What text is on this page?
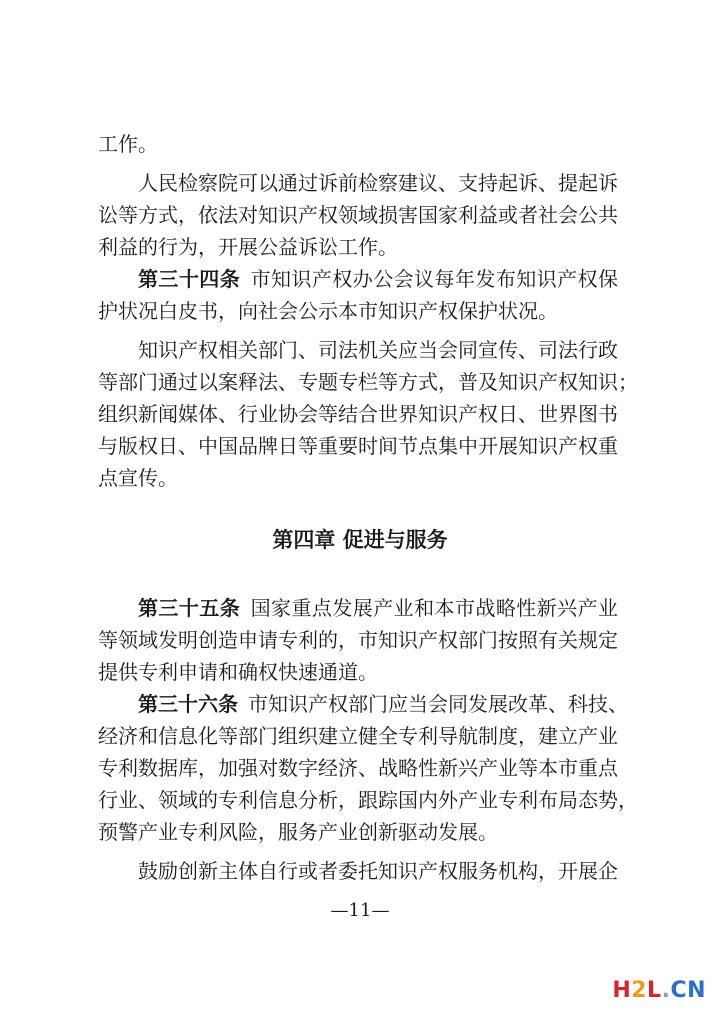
工作。
人民检察院可以通过诉前检察建议、支持起诉、提起诉
讼等方式，依法对知识产权领域损害国家利益或者社会公共
利益的行为，开展公益诉讼工作。
第三十四条  市知识产权办公会议每年发布知识产权保
护状况白皮书，向社会公示本市知识产权保护状况。
知识产权相关部门、司法机关应当会同宣传、司法行政
等部门通过以案释法、专题专栏等方式，普及知识产权知识；
组织新闻媒体、行业协会等结合世界知识产权日、世界图书
与版权日、中国品牌日等重要时间节点集中开展知识产权重
点宣传。
第四章 促进与服务
第三十五条  国家重点发展产业和本市战略性新兴产业
等领域发明创造申请专利的，市知识产权部门按照有关规定
提供专利申请和确权快速通道。
第三十六条  市知识产权部门应当会同发展改革、科技、
经济和信息化等部门组织建立健全专利导航制度，建立产业
专利数据库，加强对数字经济、战略性新兴产业等本市重点
行业、领域的专利信息分析，跟踪国内外产业专利布局态势，
预警产业专利风险，服务产业创新驱动发展。
鼓励创新主体自行或者委托知识产权服务机构，开展企
—11—
H2L.CN
